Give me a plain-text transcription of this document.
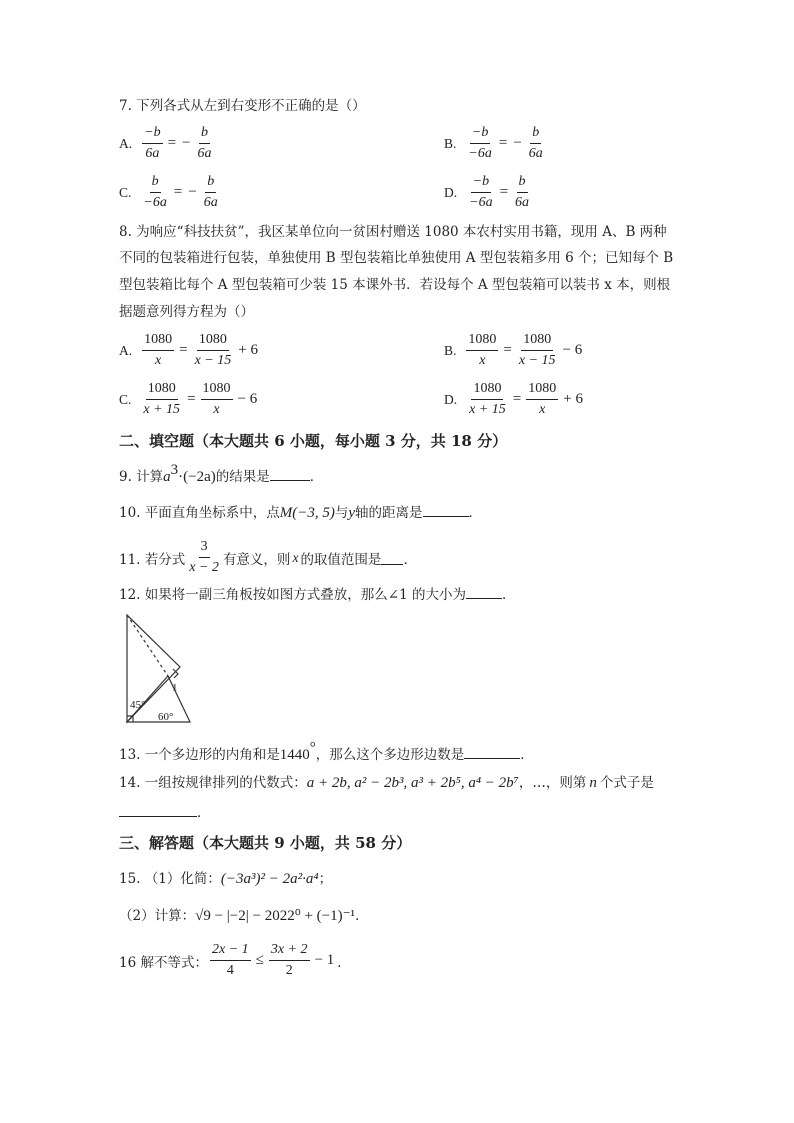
7. 下列各式从左到右变形不正确的是（）
A. $\frac{-b}{6a}$ = − $\frac{b}{6a}$	B. $\frac{-b}{-6a}$ = − $\frac{b}{6a}$
C. $\frac{b}{-6a}$ = − $\frac{b}{6a}$	D. $\frac{-b}{-6a} = \frac{b}{6a}$
8. 为响应“科技扶贫”，我区某单位向一贫困村赠送 1080 本农村实用书籍，现用 A、B 两种
不同的包装箱进行包装，单独使用 B 型包装箱比单独使用 A 型包装箱多用 6 个；已知每个 B
型包装箱比每个 A 型包装箱可少装 15 本课外书．若设每个 A 型包装箱可以装书 x 本，则根
据题意列得方程为（）
A. $\frac{1080}{x} = \frac{1080}{x - 15} + 6$	B. $\frac{1080}{x} = \frac{1080}{x - 15} - 6$
C. $\frac{1080}{x + 15} = \frac{1080}{x} - 6$	D. $\frac{1080}{x + 15} = \frac{1080}{x} + 6$
二、填空题（本大题共 6 小题，每小题 3 分，共 18 分）
9. 计算$a^3\cdot(-2a)$的结果是	．
10. 平面直角坐标系中，点M(−3, 5)与y轴的距离是	．
11. 若分式 $\frac{3}{x - 2}$ 有意义，则 x 的取值范围是 ．
12. 如果将一副三角板按如图方式叠放，那么∠1 的大小为	．
45°
60°
1
13. 一个多边形的内角和是1440°，那么这个多边形边数是	．
14. 一组按规律排列的代数式：a + 2b, a² − 2b³, a³ + 2b⁵, a⁴ − 2b⁷，…，则第 n 个式子是
．
三、解答题（本大题共 9 小题，共 58 分）
15. （1）化简：(−3a³)² − 2a²·a⁴；
（2）计算：√9 − |−2| − 2022⁰ + (−1)⁻¹．
16 解不等式： $\frac{2x - 1}{4} \le \frac{3x + 2}{2} - 1$ ．
